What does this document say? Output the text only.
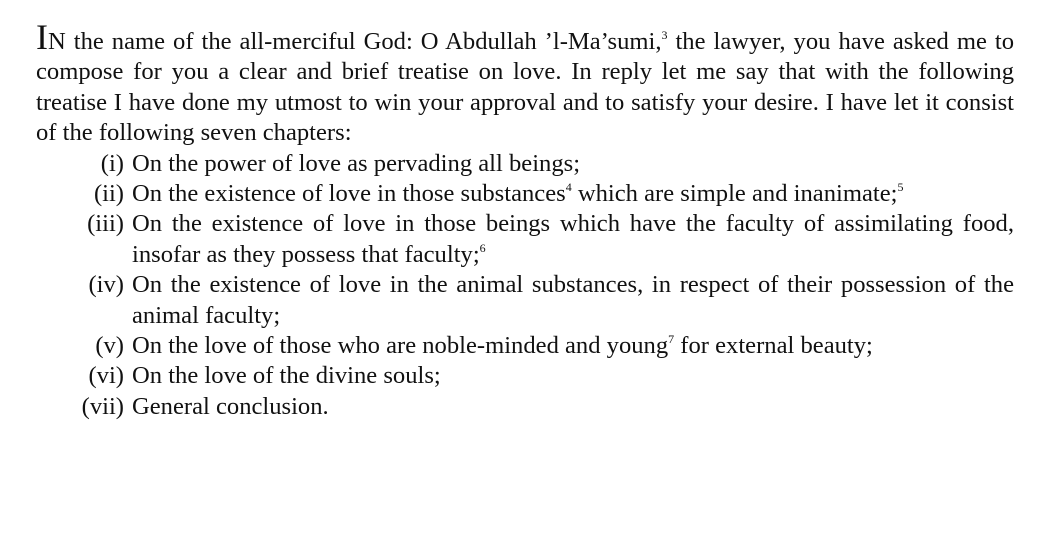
IN the name of the all-merciful God: O Abdullah ’l-Ma’sumi,$^3$ the lawyer, you have asked me to compose for you a clear and brief treatise on love. In reply let me say that with the following treatise I have done my utmost to win your approval and to satisfy your desire. I have let it consist of the following seven chapters:

(i) On the power of love as pervading all beings;
(ii) On the existence of love in those substances$^4$ which are simple and inanimate;$^5$
(iii) On the existence of love in those beings which have the faculty of assimilating food, insofar as they possess that faculty;$^6$
(iv) On the existence of love in the animal substances, in respect of their possession of the animal faculty;
(v) On the love of those who are noble-minded and young$^7$ for external beauty;
(vi) On the love of the divine souls;
(vii) General conclusion.
